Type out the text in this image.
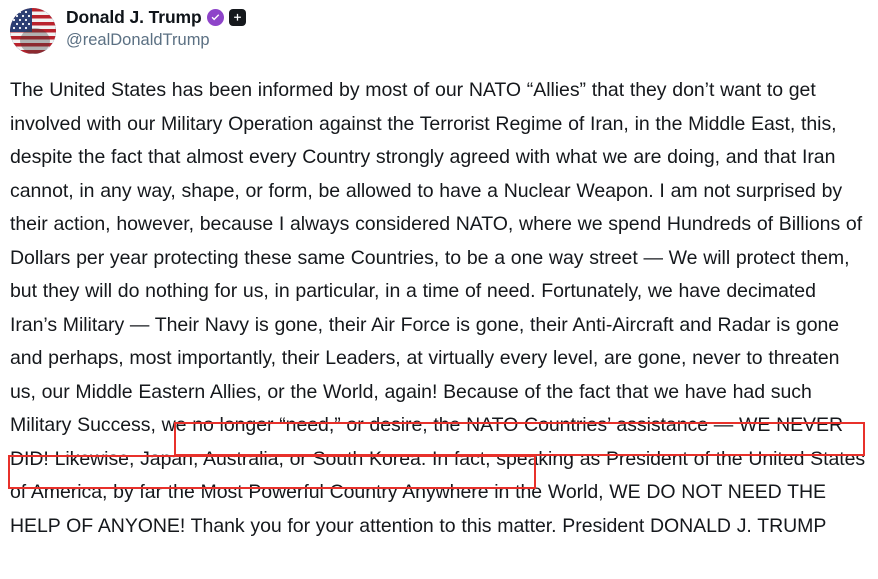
Donald J. Trump
@realDonaldTrump
The United States has been informed by most of our NATO “Allies” that they don’t want to get involved with our Military Operation against the Terrorist Regime of Iran, in the Middle East, this, despite the fact that almost every Country strongly agreed with what we are doing, and that Iran cannot, in any way, shape, or form, be allowed to have a Nuclear Weapon. I am not surprised by their action, however, because I always considered NATO, where we spend Hundreds of Billions of Dollars per year protecting these same Countries, to be a one way street — We will protect them, but they will do nothing for us, in particular, in a time of need. Fortunately, we have decimated Iran’s Military — Their Navy is gone, their Air Force is gone, their Anti-Aircraft and Radar is gone and perhaps, most importantly, their Leaders, at virtually every level, are gone, never to threaten us, our Middle Eastern Allies, or the World, again! Because of the fact that we have had such Military Success, we no longer “need,” or desire, the NATO Countries’ assistance — WE NEVER DID! Likewise, Japan, Australia, or South Korea. In fact, speaking as President of the United States of America, by far the Most Powerful Country Anywhere in the World, WE DO NOT NEED THE HELP OF ANYONE! Thank you for your attention to this matter. President DONALD J. TRUMP
